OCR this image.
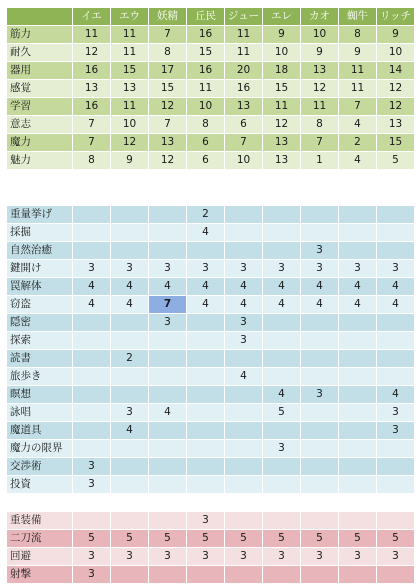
	イエ	エウ	妖精	丘民	ジュー	エレ	カオ	蜘牛	リッチ
筋力	11	11	7	16	11	9	10	8	9
耐久	12	11	8	15	11	10	9	9	10
器用	16	15	17	16	20	18	13	11	14
感覚	13	13	15	11	16	15	12	11	12
学習	16	11	12	10	13	11	11	7	12
意志	7	10	7	8	6	12	8	4	13
魔力	7	12	13	6	7	13	7	2	15
魅力	8	9	12	6	10	13	1	4	5

重量挙げ				2					
採掘				4					
自然治癒							3		
鍵開け	3	3	3	3	3	3	3	3	3
罠解体	4	4	4	4	4	4	4	4	4
窃盗	4	4	7	4	4	4	4	4	4
隠密			3		3				
探索					3				
読書		2							
旅歩き					4				
瞑想						4	3		4
詠唱		3	4			5			3
魔道具		4							3
魔力の限界						3			
交渉術	3								
投資	3								

重装備				3					
二刀流	5	5	5	5	5	5	5	5	5
回避	3	3	3	3	3	3	3	3	3
射撃	3								
